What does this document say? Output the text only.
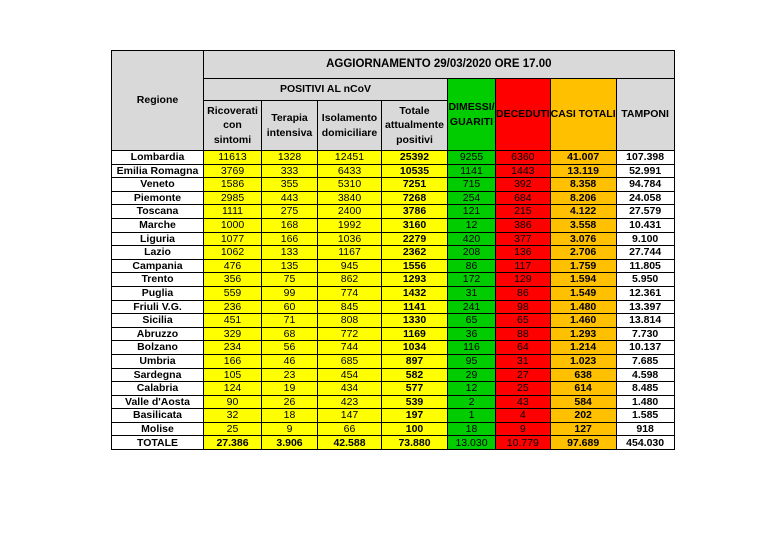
Regione	AGGIORNAMENTO 29/03/2020 ORE 17.00							
	POSITIVI AL nCoV				DIMESSI/ GUARITI	DECEDUTI	CASI TOTALI	TAMPONI
	Ricoverati con sintomi	Terapia intensiva	Isolamento domiciliare	Totale attualmente positivi				
Lombardia	11613	1328	12451	25392	9255	6360	41.007	107.398
Emilia Romagna	3769	333	6433	10535	1141	1443	13.119	52.991
Veneto	1586	355	5310	7251	715	392	8.358	94.784
Piemonte	2985	443	3840	7268	254	684	8.206	24.058
Toscana	1111	275	2400	3786	121	215	4.122	27.579
Marche	1000	168	1992	3160	12	386	3.558	10.431
Liguria	1077	166	1036	2279	420	377	3.076	9.100
Lazio	1062	133	1167	2362	208	136	2.706	27.744
Campania	476	135	945	1556	86	117	1.759	11.805
Trento	356	75	862	1293	172	129	1.594	5.950
Puglia	559	99	774	1432	31	86	1.549	12.361
Friuli V.G.	236	60	845	1141	241	98	1.480	13.397
Sicilia	451	71	808	1330	65	65	1.460	13.814
Abruzzo	329	68	772	1169	36	88	1.293	7.730
Bolzano	234	56	744	1034	116	64	1.214	10.137
Umbria	166	46	685	897	95	31	1.023	7.685
Sardegna	105	23	454	582	29	27	638	4.598
Calabria	124	19	434	577	12	25	614	8.485
Valle d'Aosta	90	26	423	539	2	43	584	1.480
Basilicata	32	18	147	197	1	4	202	1.585
Molise	25	9	66	100	18	9	127	918
TOTALE	27.386	3.906	42.588	73.880	13.030	10.779	97.689	454.030
